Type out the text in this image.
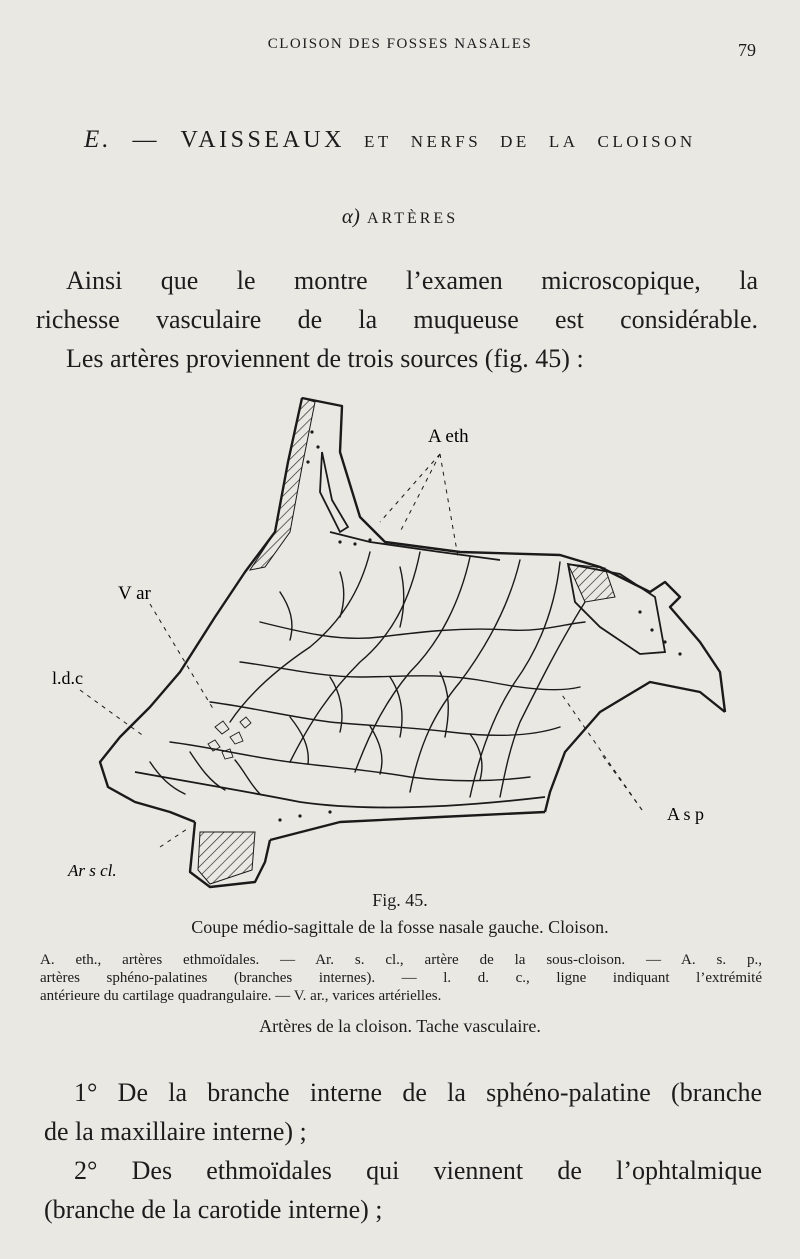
CLOISON DES FOSSES NASALES	79
E. — VAISSEAUX ET NERFS DE LA CLOISON
α) ARTÈRES
Ainsi que le montre l’examen microscopique, la
richesse vasculaire de la muqueuse est considérable.
Les artères proviennent de trois sources (fig. 45) :
A eth
V ar
l.d.c
Ar s cl.
A s p
Fig. 45.
Coupe médio-sagittale de la fosse nasale gauche. Cloison.
A. eth., artères ethmoïdales. — Ar. s. cl., artère de la sous-cloison. — A. s. p.,
artères sphéno-palatines (branches internes). — l. d. c., ligne indiquant l’extrémité
antérieure du cartilage quadrangulaire. — V. ar., varices artérielles.
Artères de la cloison. Tache vasculaire.
1° De la branche interne de la sphéno-palatine (branche
de la maxillaire interne) ;
2° Des ethmoïdales qui viennent de l’ophtalmique
(branche de la carotide interne) ;
